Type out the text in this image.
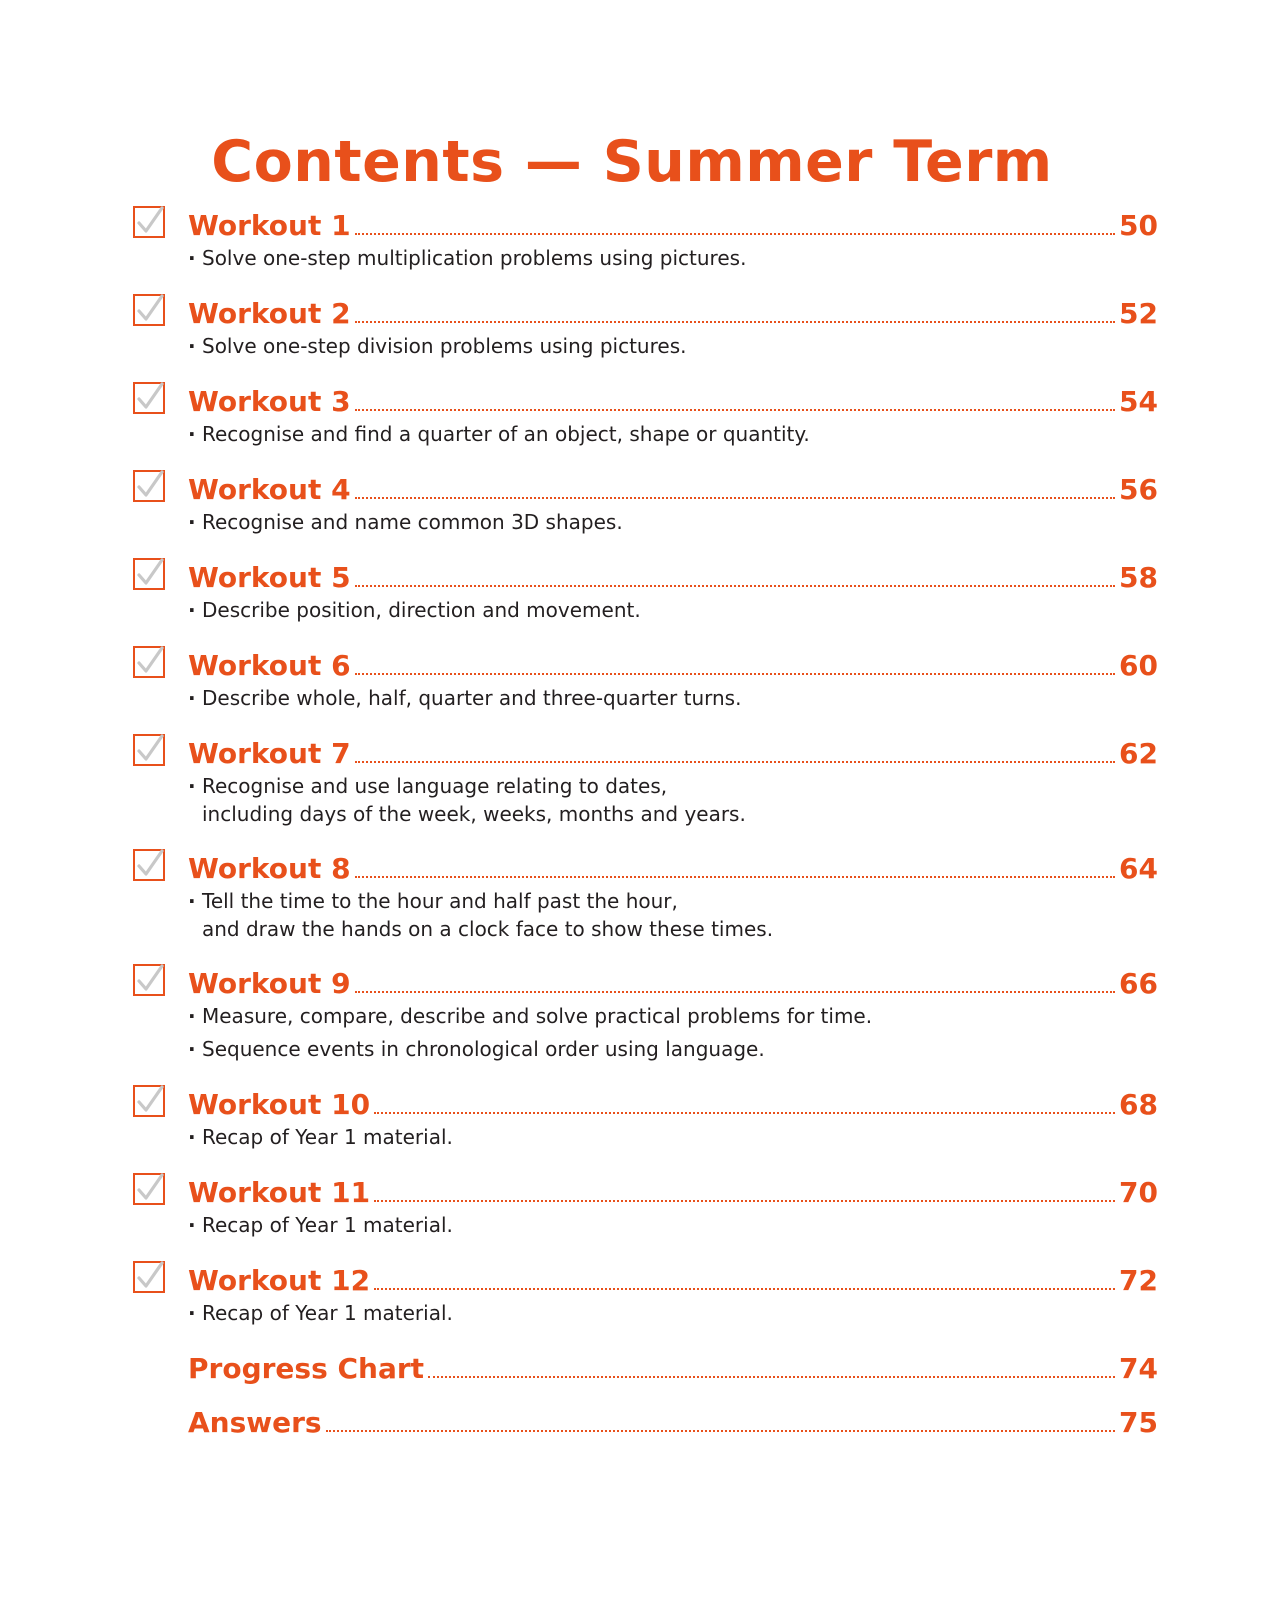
Contents — Summer Term
Workout 1	50
· Solve one-step multiplication problems using pictures.
Workout 2	52
· Solve one-step division problems using pictures.
Workout 3	54
· Recognise and find a quarter of an object, shape or quantity.
Workout 4	56
· Recognise and name common 3D shapes.
Workout 5	58
· Describe position, direction and movement.
Workout 6	60
· Describe whole, half, quarter and three-quarter turns.
Workout 7	62
· Recognise and use language relating to dates,
including days of the week, weeks, months and years.
Workout 8	64
· Tell the time to the hour and half past the hour,
and draw the hands on a clock face to show these times.
Workout 9	66
· Measure, compare, describe and solve practical problems for time.
· Sequence events in chronological order using language.
Workout 10	68
· Recap of Year 1 material.
Workout 11	70
· Recap of Year 1 material.
Workout 12	72
· Recap of Year 1 material.
Progress Chart	74
Answers	75
